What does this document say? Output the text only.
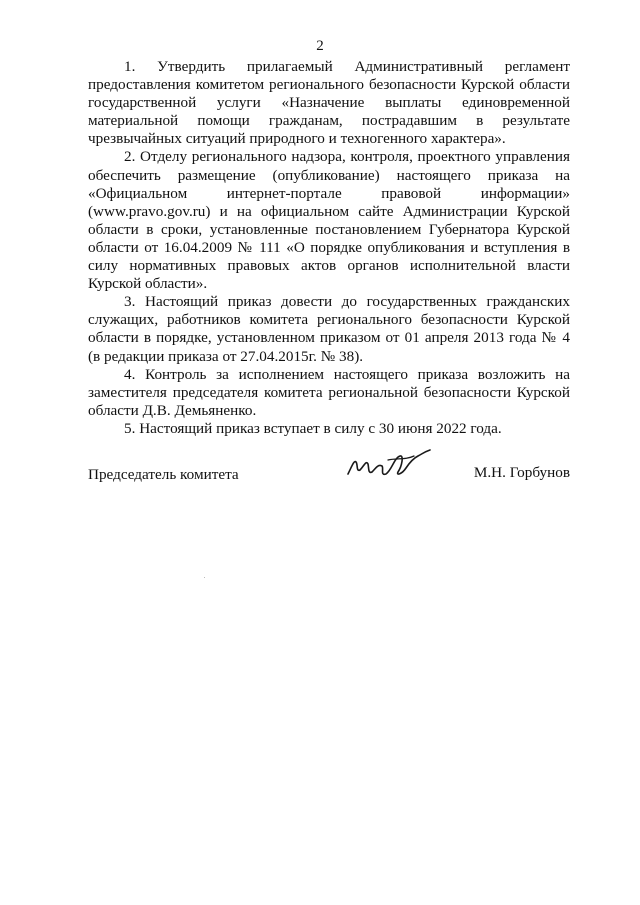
2

1. Утвердить прилагаемый Административный регламент предоставления комитетом регионального безопасности Курской области государственной услуги «Назначение выплаты единовременной материальной помощи гражданам, пострадавшим в результате чрезвычайных ситуаций природного и техногенного характера».

2. Отделу регионального надзора, контроля, проектного управления обеспечить размещение (опубликование) настоящего приказа на «Официальном интернет-портале правовой информации» (www.pravo.gov.ru) и на официальном сайте Администрации Курской области в сроки, установленные постановлением Губернатора Курской области от 16.04.2009 № 111 «О порядке опубликования и вступления в силу нормативных правовых актов органов исполнительной власти Курской области».

3. Настоящий приказ довести до государственных гражданских служащих, работников комитета регионального безопасности Курской области в порядке, установленном приказом от 01 апреля 2013 года № 4 (в редакции приказа от 27.04.2015г. № 38).

4. Контроль за исполнением настоящего приказа возложить на заместителя председателя комитета региональной безопасности Курской области Д.В. Демьяненко.

5. Настоящий приказ вступает в силу с 30 июня 2022 года.

Председатель комитета	М.Н. Горбунов
